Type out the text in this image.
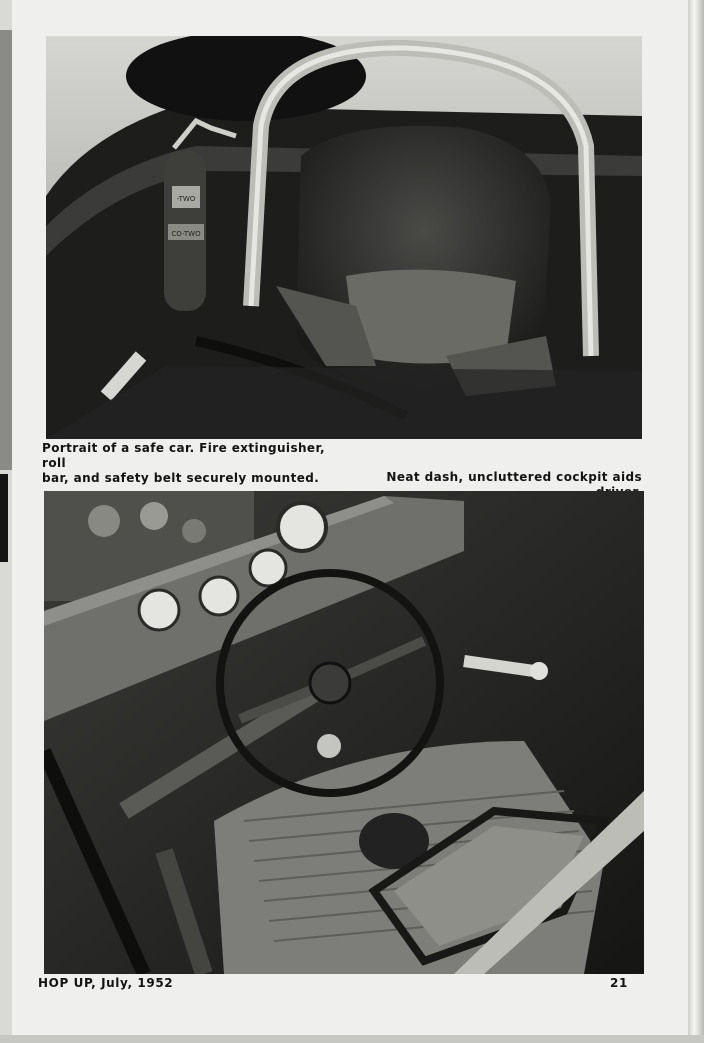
-TWO
CO-TWO

Portrait of a safe car. Fire extinguisher, roll
bar, and safety belt securely mounted.	Neat dash, uncluttered cockpit aids

HOP UP, July, 1952	21
